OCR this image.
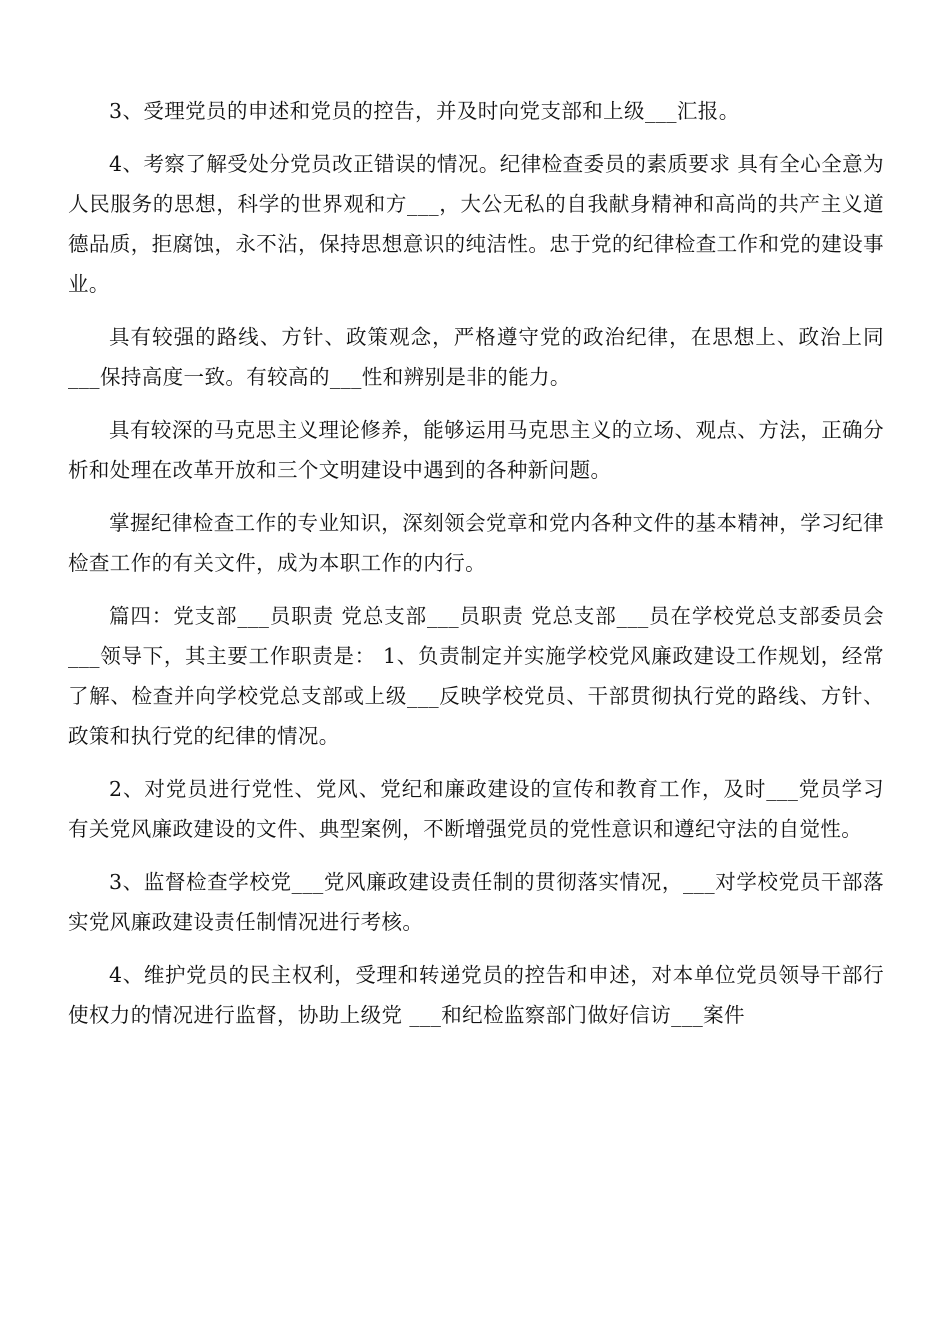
3、受理党员的申述和党员的控告，并及时向党支部和上级___汇报。

4、考察了解受处分党员改正错误的情况。纪律检查委员的素质要求 具有全心全意为人民服务的思想，科学的世界观和方___，大公无私的自我献身精神和高尚的共产主义道德品质，拒腐蚀，永不沾，保持思想意识的纯洁性。忠于党的纪律检查工作和党的建设事业。

具有较强的路线、方针、政策观念，严格遵守党的政治纪律，在思想上、政治上同___保持高度一致。有较高的___性和辨别是非的能力。

具有较深的马克思主义理论修养，能够运用马克思主义的立场、观点、方法，正确分析和处理在改革开放和三个文明建设中遇到的各种新问题。

掌握纪律检查工作的专业知识，深刻领会党章和党内各种文件的基本精神，学习纪律检查工作的有关文件，成为本职工作的内行。

篇四：党支部___员职责 党总支部___员职责 党总支部___员在学校党总支部委员会___领导下，其主要工作职责是： 1、负责制定并实施学校党风廉政建设工作规划，经常了解、检查并向学校党总支部或上级___反映学校党员、干部贯彻执行党的路线、方针、政策和执行党的纪律的情况。

2、对党员进行党性、党风、党纪和廉政建设的宣传和教育工作，及时___党员学习有关党风廉政建设的文件、典型案例，不断增强党员的党性意识和遵纪守法的自觉性。

3、监督检查学校党___党风廉政建设责任制的贯彻落实情况，___对学校党员干部落实党风廉政建设责任制情况进行考核。

4、维护党员的民主权利，受理和转递党员的控告和申述，对本单位党员领导干部行使权力的情况进行监督，协助上级党 ___和纪检监察部门做好信访___案件
